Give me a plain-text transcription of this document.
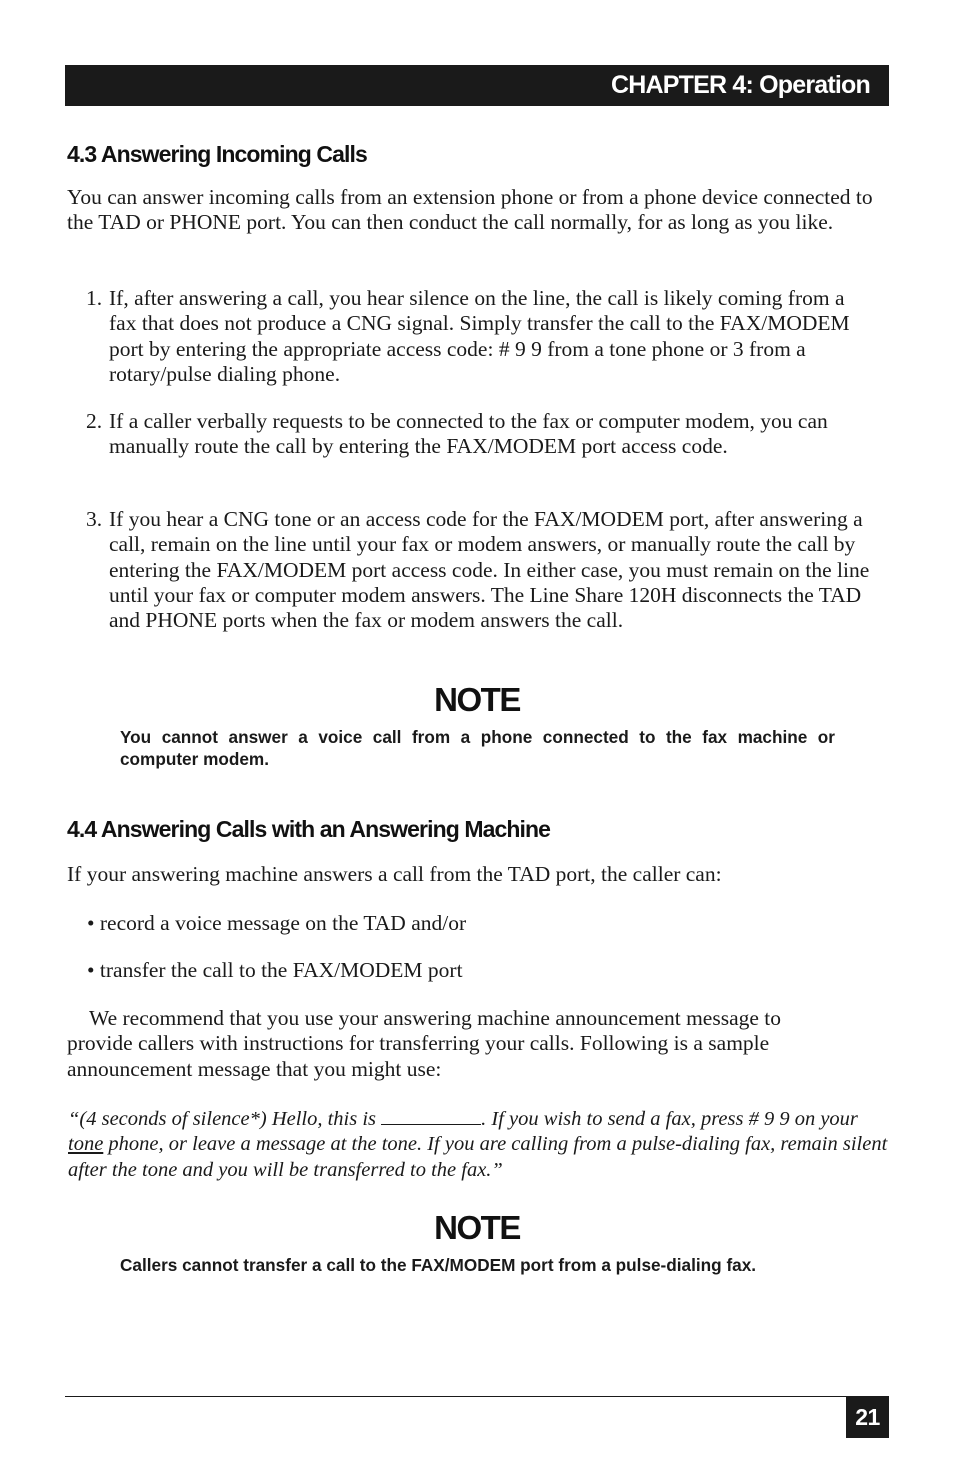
CHAPTER 4: Operation
4.3 Answering Incoming Calls

You can answer incoming calls from an extension phone or from a phone device connected to the TAD or PHONE port. You can then conduct the call normally, for as long as you like.

1. If, after answering a call, you hear silence on the line, the call is likely coming from a fax that does not produce a CNG signal. Simply transfer the call to the FAX/MODEM port by entering the appropriate access code: # 9 9 from a tone phone or 3 from a rotary/pulse dialing phone.
2. If a caller verbally requests to be connected to the fax or computer modem, you can manually route the call by entering the FAX/MODEM port access code.
3. If you hear a CNG tone or an access code for the FAX/MODEM port, after answering a call, remain on the line until your fax or modem answers, or manually route the call by entering the FAX/MODEM port access code. In either case, you must remain on the line until your fax or computer modem answers. The Line Share 120H disconnects the TAD and PHONE ports when the fax or modem answers the call.
NOTE

You cannot answer a voice call from a phone connected to the fax machine or computer modem.

4.4 Answering Calls with an Answering Machine

If your answering machine answers a call from the TAD port, the caller can:

• record a voice message on the TAD and/or
• transfer the call to the FAX/MODEM port

We recommend that you use your answering machine announcement message to provide callers with instructions for transferring your calls. Following is a sample announcement message that you might use:

“(4 seconds of silence*) Hello, this is	. If you wish to send a fax, press # 9 9 on your tone phone, or leave a message at the tone. If you are calling from a pulse-dialing fax, remain silent after the tone and you will be transferred to the fax.”

NOTE

Callers cannot transfer a call to the FAX/MODEM port from a pulse-dialing fax.

21
